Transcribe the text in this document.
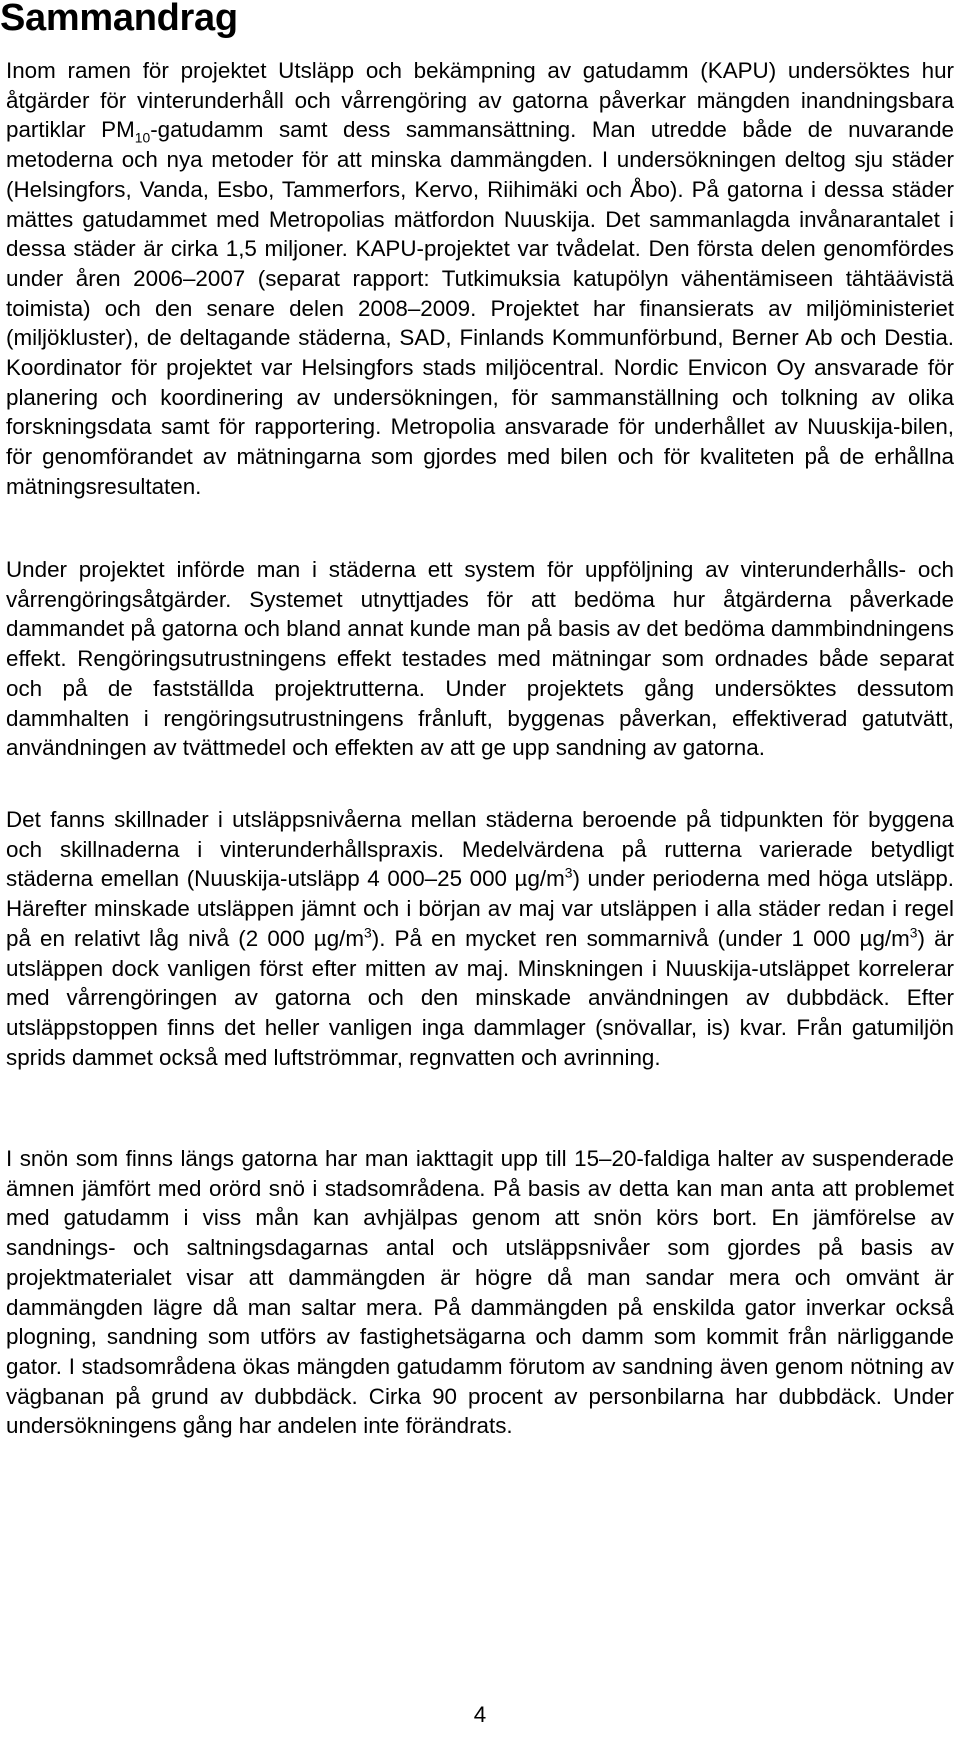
Sammandrag

Inom ramen för projektet Utsläpp och bekämpning av gatudamm (KAPU) undersöktes hur åtgärder för vinterunderhåll och vårrengöring av gatorna påverkar mängden inandningsbara partiklar $PM_{10}$-gatudamm samt dess sammansättning. Man utredde både de nuvarande metoderna och nya metoder för att minska dammängden. I undersökningen deltog sju städer (Helsingfors, Vanda, Esbo, Tammerfors, Kervo, Riihimäki och Åbo). På gatorna i dessa städer mättes gatudammet med Metropolias mätfordon Nuuskija. Det sammanlagda invånarantalet i dessa städer är cirka 1,5 miljoner. KAPU-projektet var tvådelat. Den första delen genomfördes under åren 2006–2007 (separat rapport: Tutkimuksia katupölyn vähentämiseen tähtäävistä toimista) och den senare delen 2008–2009. Projektet har finansierats av miljöministeriet (miljökluster), de deltagande städerna, SAD, Finlands Kommunförbund, Berner Ab och Destia. Koordinator för projektet var Helsingfors stads miljöcentral. Nordic Envicon Oy ansvarade för planering och koordinering av undersökningen, för sammanställning och tolkning av olika forskningsdata samt för rapportering. Metropolia ansvarade för underhållet av Nuuskija-bilen, för genomförandet av mätningarna som gjordes med bilen och för kvaliteten på de erhållna mätningsresultaten.

Under projektet införde man i städerna ett system för uppföljning av vinterunderhålls- och vårrengöringsåtgärder. Systemet utnyttjades för att bedöma hur åtgärderna påverkade dammandet på gatorna och bland annat kunde man på basis av det bedöma dammbindningens effekt. Rengöringsutrustningens effekt testades med mätningar som ordnades både separat och på de fastställda projektrutterna. Under projektets gång undersöktes dessutom dammhalten i rengöringsutrustningens frånluft, byggenas påverkan, effektiverad gatutvätt, användningen av tvättmedel och effekten av att ge upp sandning av gatorna.

Det fanns skillnader i utsläppsnivåerna mellan städerna beroende på tidpunkten för byggena och skillnaderna i vinterunderhållspraxis. Medelvärdena på rutterna varierade betydligt städerna emellan (Nuuskija-utsläpp 4 000–25 000 $\mu g/m^3$) under perioderna med höga utsläpp. Härefter minskade utsläppen jämnt och i början av maj var utsläppen i alla städer redan i regel på en relativt låg nivå (2 000 $\mu g/m^3$). På en mycket ren sommarnivå (under 1 000 $\mu g/m^3$) är utsläppen dock vanligen först efter mitten av maj. Minskningen i Nuuskija-utsläppet korrelerar med vårrengöringen av gatorna och den minskade användningen av dubbdäck. Efter utsläppstoppen finns det heller vanligen inga dammlager (snövallar, is) kvar. Från gatumiljön sprids dammet också med luftströmmar, regnvatten och avrinning.

I snön som finns längs gatorna har man iakttagit upp till 15–20-faldiga halter av suspenderade ämnen jämfört med orörd snö i stadsområdena. På basis av detta kan man anta att problemet med gatudamm i viss mån kan avhjälpas genom att snön körs bort. En jämförelse av sandnings- och saltningsdagarnas antal och utsläppsnivåer som gjordes på basis av projektmaterialet visar att dammängden är högre då man sandar mera och omvänt är dammängden lägre då man saltar mera. På dammängden på enskilda gator inverkar också plogning, sandning som utförs av fastighetsägarna och damm som kommit från närliggande gator. I stadsområdena ökas mängden gatudamm förutom av sandning även genom nötning av vägbanan på grund av dubbdäck. Cirka 90 procent av personbilarna har dubbdäck. Under undersökningens gång har andelen inte förändrats.

4
